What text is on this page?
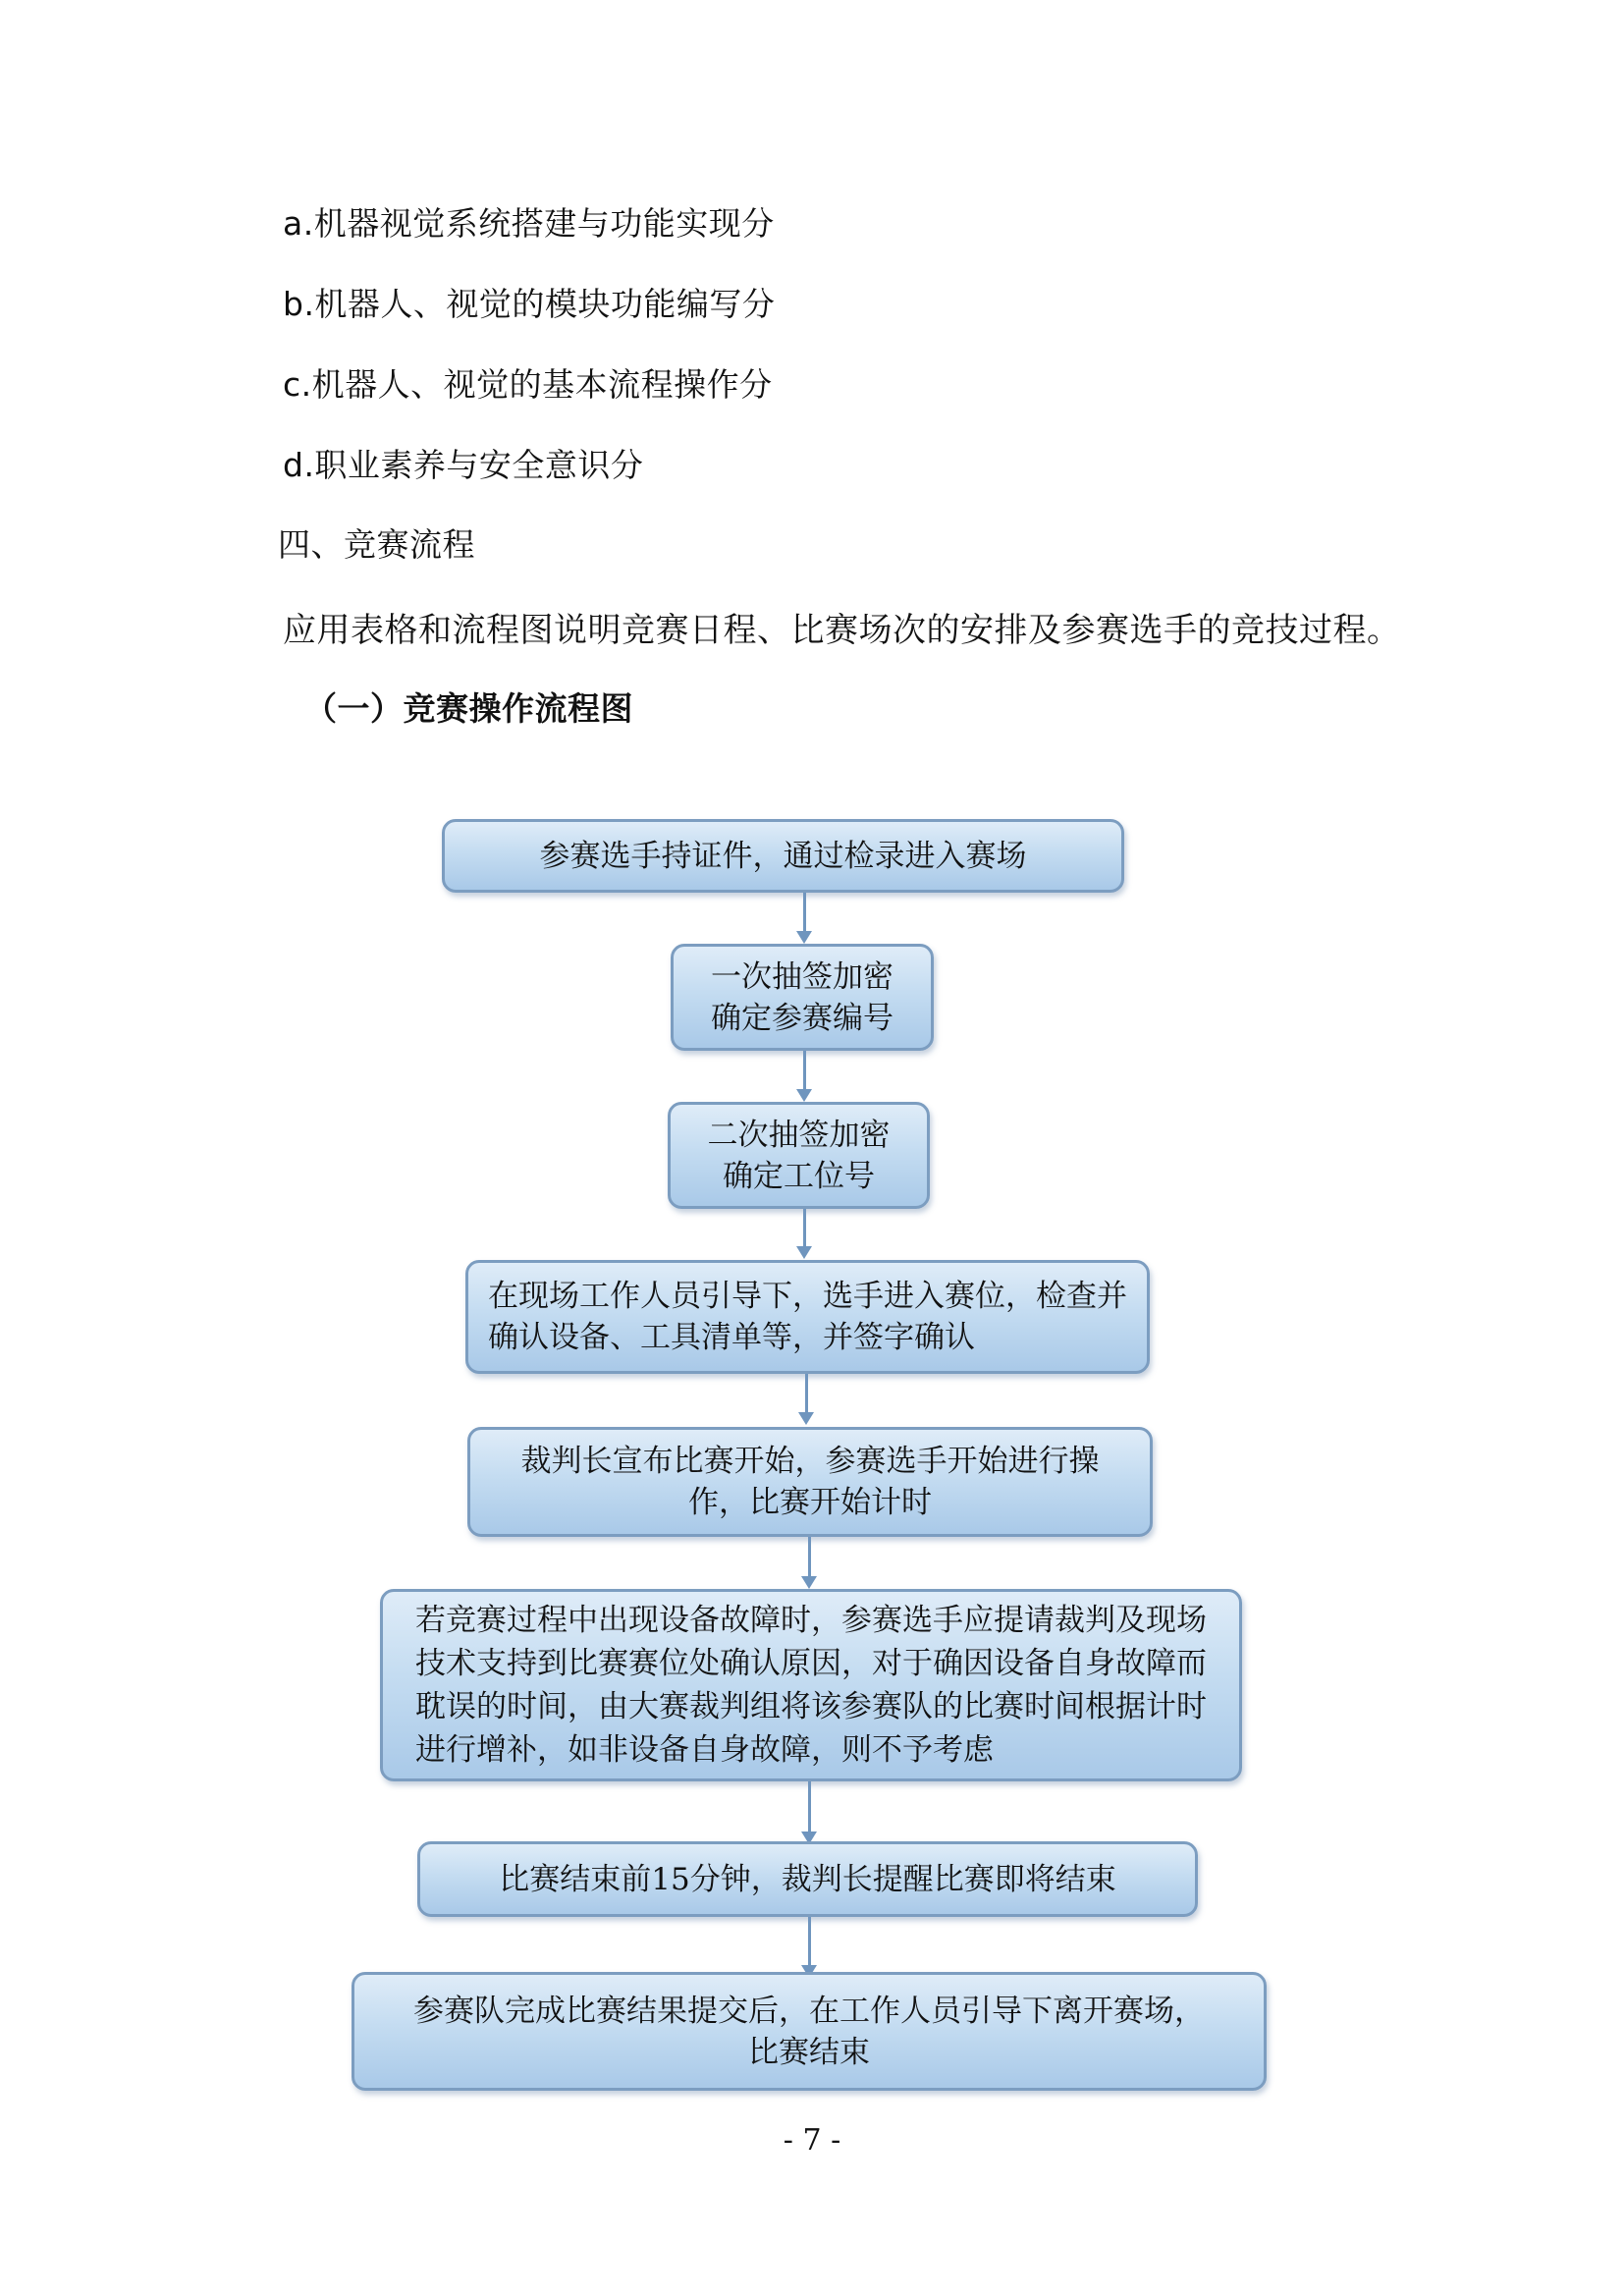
a.机器视觉系统搭建与功能实现分
b.机器人、视觉的模块功能编写分
c.机器人、视觉的基本流程操作分
d.职业素养与安全意识分
四、竞赛流程
应用表格和流程图说明竞赛日程、比赛场次的安排及参赛选手的竞技过程。
（一）竞赛操作流程图
参赛选手持证件，通过检录进入赛场
一次抽签加密
确定参赛编号
二次抽签加密
确定工位号
在现场工作人员引导下，选手进入赛位，检查并
确认设备、工具清单等，并签字确认
裁判长宣布比赛开始，参赛选手开始进行操
作，比赛开始计时
若竞赛过程中出现设备故障时，参赛选手应提请裁判及现场
技术支持到比赛赛位处确认原因，对于确因设备自身故障而
耽误的时间，由大赛裁判组将该参赛队的比赛时间根据计时
进行增补，如非设备自身故障，则不予考虑
比赛结束前15分钟，裁判长提醒比赛即将结束
参赛队完成比赛结果提交后，在工作人员引导下离开赛场，
比赛结束
- 7 -
